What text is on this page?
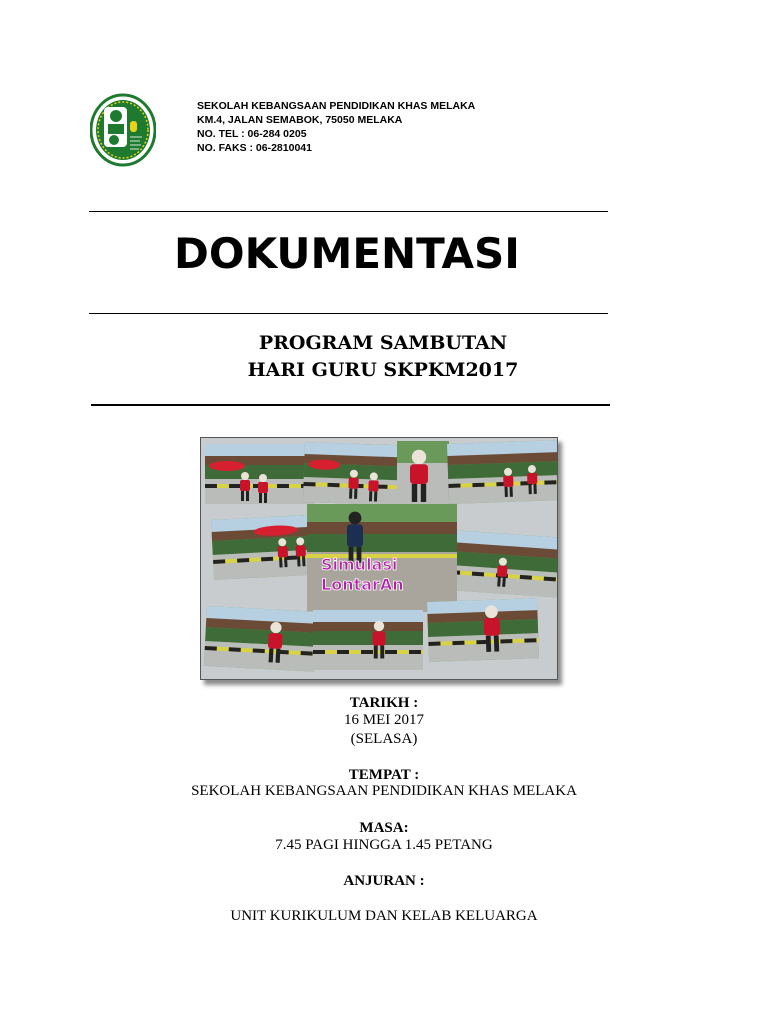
SEKOLAH KEBANGSAAN PENDIDIKAN KHAS MELAKA
KM.4, JALAN SEMABOK, 75050 MELAKA
NO. TEL : 06-284 0205
NO. FAKS : 06-2810041
DOKUMENTASI
PROGRAM SAMBUTAN
HARI GURU SKPKM2017
Simulasi
LontarAn
TARIKH :
16 MEI 2017
(SELASA)
TEMPAT :
SEKOLAH KEBANGSAAN PENDIDIKAN KHAS MELAKA
MASA:
7.45 PAGI HINGGA 1.45 PETANG
ANJURAN :
UNIT KURIKULUM DAN KELAB KELUARGA
